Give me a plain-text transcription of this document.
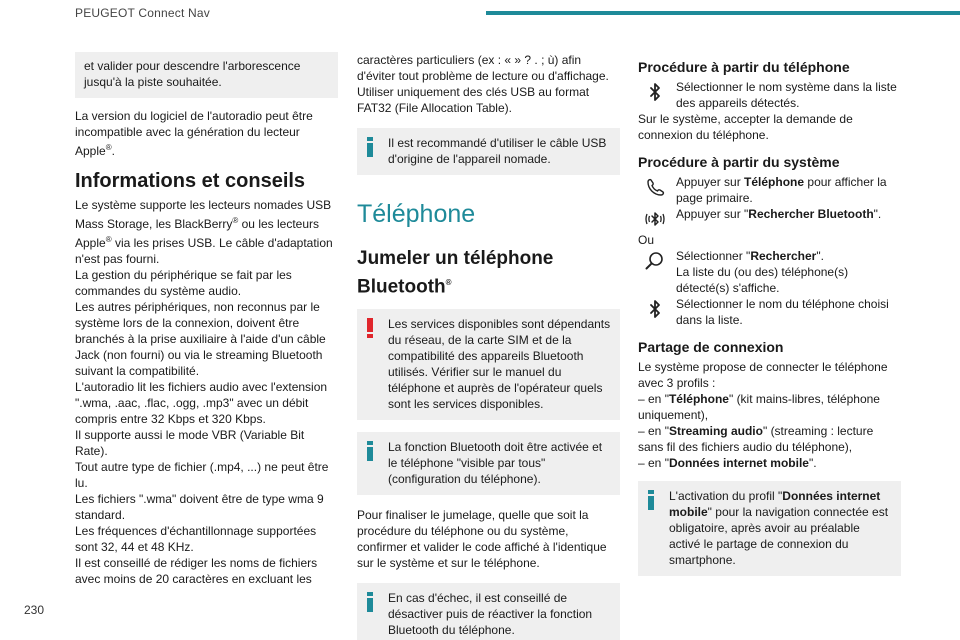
PEUGEOT Connect Nav
et valider pour descendre l'arborescence jusqu'à la piste souhaitée.

La version du logiciel de l'autoradio peut être incompatible avec la génération du lecteur Apple®.

Informations et conseils

Le système supporte les lecteurs nomades USB Mass Storage, les BlackBerry® ou les lecteurs Apple® via les prises USB. Le câble d'adaptation n'est pas fourni.

La gestion du périphérique se fait par les commandes du système audio.

Les autres périphériques, non reconnus par le système lors de la connexion, doivent être branchés à la prise auxiliaire à l'aide d'un câble Jack (non fourni) ou via le streaming Bluetooth suivant la compatibilité.

L'autoradio lit les fichiers audio avec l'extension ".wma, .aac, .flac, .ogg, .mp3" avec un débit compris entre 32 Kbps et 320 Kbps.

Il supporte aussi le mode VBR (Variable Bit Rate).

Tout autre type de fichier (.mp4, ...) ne peut être lu.

Les fichiers ".wma" doivent être de type wma 9 standard.

Les fréquences d'échantillonnage supportées sont 32, 44 et 48 KHz.

Il est conseillé de rédiger les noms de fichiers avec moins de 20 caractères en excluant les

caractères particuliers (ex : « » ? . ; ù) afin d'éviter tout problème de lecture ou d'affichage.

Utiliser uniquement des clés USB au format FAT32 (File Allocation Table).

Il est recommandé d'utiliser le câble USB d'origine de l'appareil nomade.
Téléphone
Jumeler un téléphone Bluetooth®
Les services disponibles sont dépendants du réseau, de la carte SIM et de la compatibilité des appareils Bluetooth utilisés. Vérifier sur le manuel du téléphone et auprès de l'opérateur quels sont les services disponibles.
La fonction Bluetooth doit être activée et le téléphone "visible par tous" (configuration du téléphone).

Pour finaliser le jumelage, quelle que soit la procédure du téléphone ou du système, confirmer et valider le code affiché à l'identique sur le système et sur le téléphone.

En cas d'échec, il est conseillé de désactiver puis de réactiver la fonction Bluetooth du téléphone.
Procédure à partir du téléphone
Sélectionner le nom système dans la liste des appareils détectés.

Sur le système, accepter la demande de connexion du téléphone.

Procédure à partir du système
Appuyer sur Téléphone pour afficher la page primaire.
Appuyer sur "Rechercher Bluetooth".

Ou

Sélectionner "Rechercher".

La liste du (ou des) téléphone(s) détecté(s) s'affiche.
Sélectionner le nom du téléphone choisi dans la liste.
Partage de connexion

Le système propose de connecter le téléphone avec 3 profils :

– en "Téléphone" (kit mains-libres, téléphone uniquement),

– en "Streaming audio" (streaming : lecture sans fil des fichiers audio du téléphone),

– en "Données internet mobile".

L'activation du profil "Données internet mobile" pour la navigation connectée est obligatoire, après avoir au préalable activé le partage de connexion du smartphone.
230
